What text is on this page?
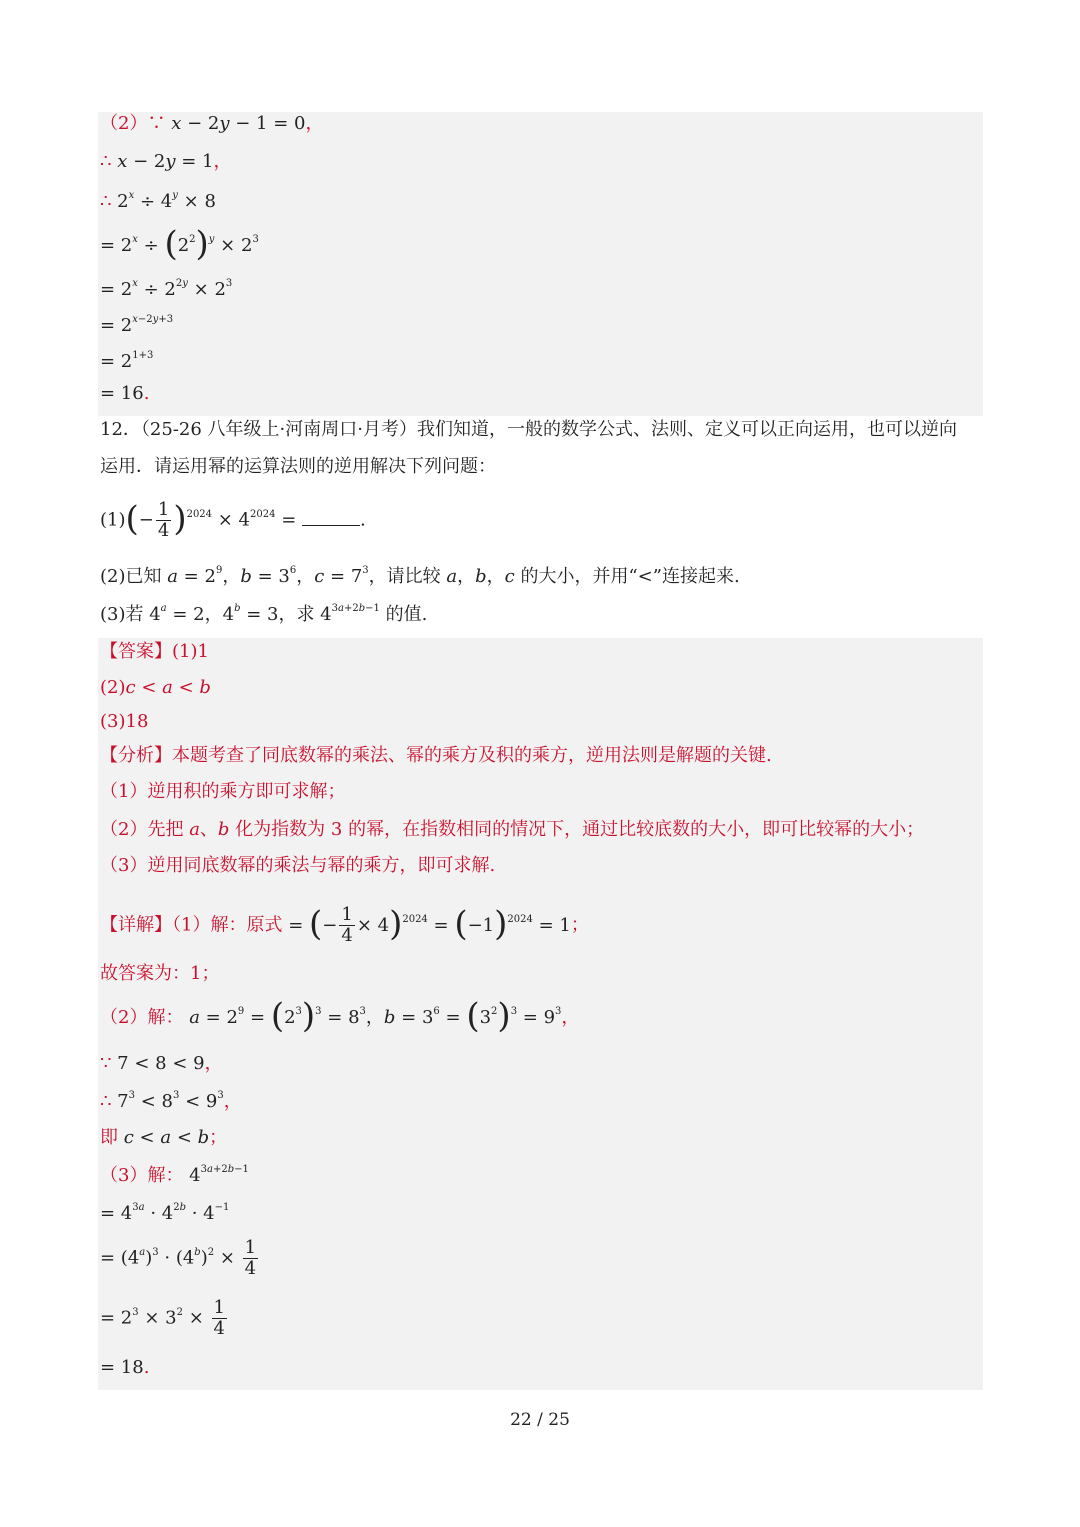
（2）∵ x − 2y − 1 = 0，
∴ x − 2y = 1，
∴ $2^x \div 4^y \times 8$
= $2^x \div (2^2)^y \times 2^3$
= $2^x \div 2^{2y} \times 2^3$
= $2^{x-2y+3}$
= $2^{1+3}$
= 16.
12．（25-26 八年级上·河南周口·月考）我们知道，一般的数学公式、法则、定义可以正向运用，也可以逆向
运用．请运用幂的运算法则的逆用解决下列问题：
$(1)(- \frac{1}{4} )^{2024} \times 4^{2024}$ =	.
(2)已知 $a = 2^9$，$b = 3^6$，$c = 7^3$，请比较 a，b，c 的大小，并用“<”连接起来.
(3)若 $4^a = 2$，$4^b = 3$，求 $4^{3a+2b-1}$ 的值.
【答案】(1)1
(2)c < a < b
(3)18
【分析】本题考查了同底数幂的乘法、幂的乘方及积的乘方，逆用法则是解题的关键.
（1）逆用积的乘方即可求解；
（2）先把 a、b 化为指数为 3 的幂，在指数相同的情况下，通过比较底数的大小，即可比较幂的大小；
（3）逆用同底数幂的乘法与幂的乘方，即可求解.
【详解】（1）解：原式 = (− $\frac{1}{4} \times 4)^{2024} = (-1)^{2024} = 1$；
故答案为：1；
（2）解： $a = 2^9 = (2^3)^3 = 8^3$，$b = 3^6 = (3^2)^3 = 9^3$，
∵ 7 < 8 < 9，
∴ $7^3 < 8^3 < 9^3$，
即 c < a < b；
（3）解： $4^{3a+2b-1}$
= $4^{3a} \cdot 4^{2b} \cdot 4^{-1}$
= $(4^a)^3 \cdot (4^b)^2 \times \frac{1}{4}$
= $2^3 \times 3^2 \times \frac{1}{4}$
= 18.
22 / 25
